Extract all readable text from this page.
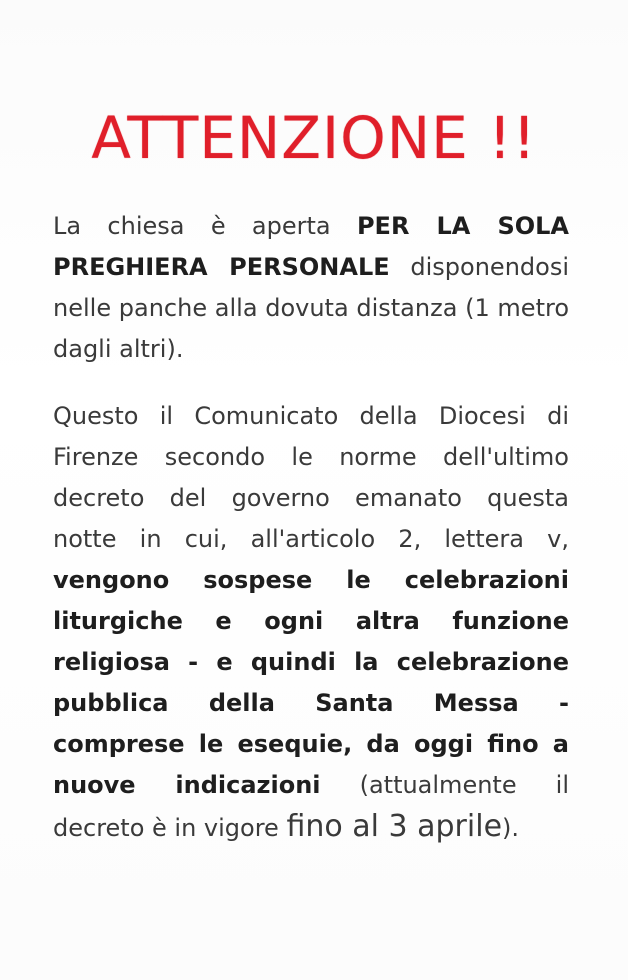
ATTENZIONE !!

La chiesa è aperta PER LA SOLA PREGHIERA PERSONALE disponendosi nelle panche alla dovuta distanza (1 metro dagli altri).

Questo il Comunicato della Diocesi di Firenze secondo le norme dell'ultimo decreto del governo emanato questa notte in cui, all'articolo 2, lettera v, vengono sospese le celebrazioni liturgiche e ogni altra funzione religiosa - e quindi la celebrazione pubblica della Santa Messa - comprese le esequie, da oggi fino a nuove indicazioni (attualmente il decreto è in vigore fino al 3 aprile).
